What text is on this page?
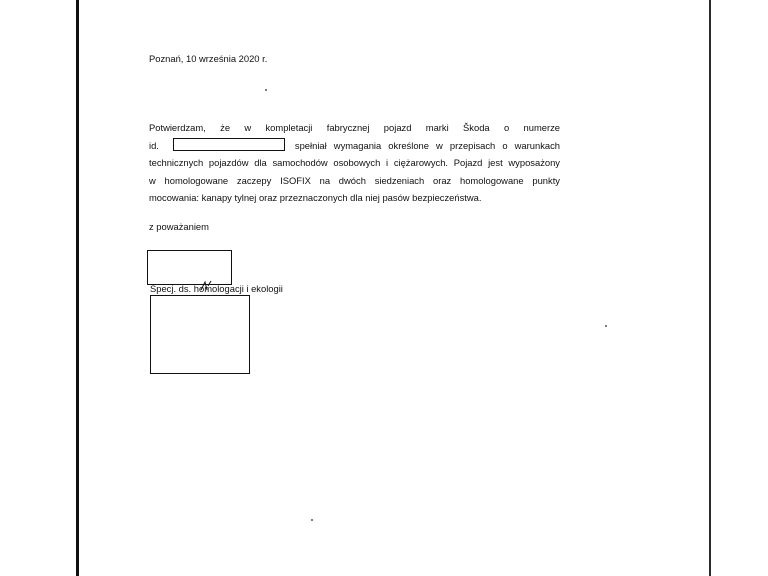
Poznań, 10 września 2020 r.
Potwierdzam, że w kompletacji fabrycznej pojazd marki Škoda o numerze
id.	spełniał wymagania określone w przepisach o warunkach
technicznych pojazdów dla samochodów osobowych i ciężarowych. Pojazd jest wyposażony
w homologowane zaczepy ISOFIX na dwóch siedzeniach oraz homologowane punkty
mocowania: kanapy tylnej oraz przeznaczonych dla niej pasów bezpieczeństwa.
z poważaniem
Specj. ds. homologacji i ekologii
